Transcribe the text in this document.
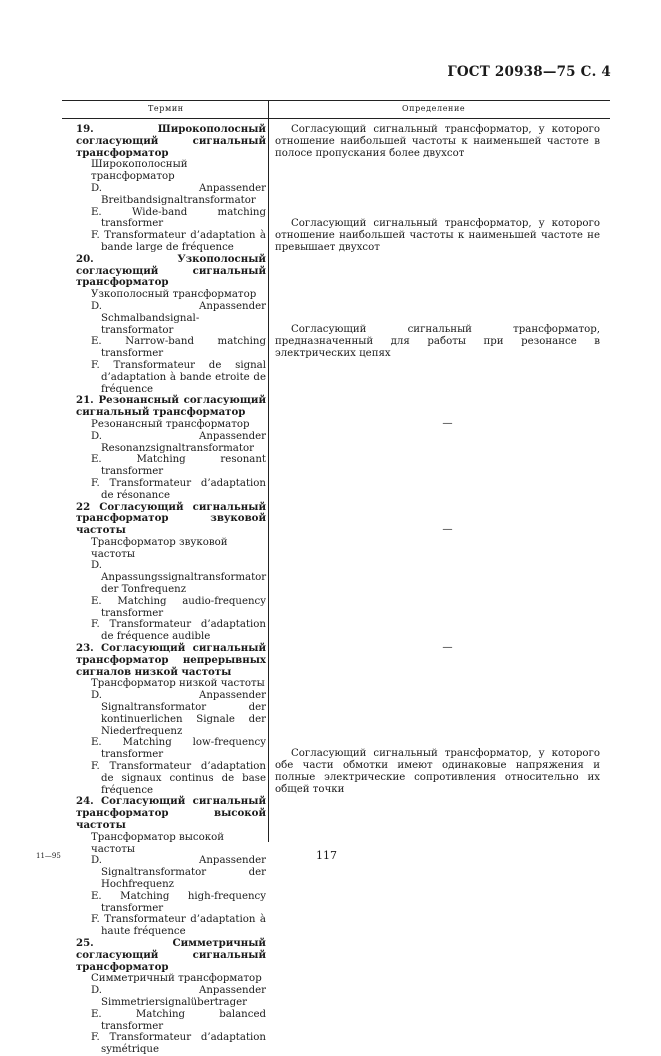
ГОСТ 20938—75 С. 4
Термин	Определение
19. Широкополосный согласующий сигнальный трансформатор
Широкополосный трансформатор
D. Anpassender Breitbandsignaltransformator
E. Wide-band matching transformer
F. Transformateur d’adaptation à bande large de fréquence
20. Узкополосный согласующий сигнальный трансформатор
Узкополосный трансформатор
D. Anpassender Schmalbandsignal-transformator
E. Narrow-band matching transformer
F. Transformateur de signal d’adaptation à bande etroite de fréquence
21. Резонансный согласующий сигнальный трансформатор
Резонансный трансформатор
D. Anpassender Resonanzsignaltransformator
E. Matching resonant transformer
F. Transformateur d’adaptation de résonance
22 Согласующий сигнальный трансформатор звуковой частоты
Трансформатор звуковой частоты
D. Anpassungssignaltransformator der Tonfrequenz
E. Matching audio-frequency transformer
F. Transformateur d’adaptation de fréquence audible
23. Согласующий сигнальный трансформатор непрерывных сигналов низкой частоты
Трансформатор низкой частоты
D. Anpassender Signaltransformator der kontinuerlichen Signale der Niederfrequenz
E. Matching low-frequency transformer
F. Transformateur d’adaptation de signaux continus de base fréquence
24. Согласующий сигнальный трансформатор высокой частоты
Трансформатор высокой частоты
D. Anpassender Signaltransformator der Hochfrequenz
E. Matching high-frequency transformer
F. Transformateur d’adaptation à haute fréquence
25. Симметричный согласующий сигнальный трансформатор
Симметричный трансформатор
D. Anpassender Simmetriersignalübertrager
E. Matching balanced transformer
F. Transformateur d’adaptation symétrique
Согласующий сигнальный трансформатор, у которого отношение наибольшей частоты к наименьшей частоте в полосе пропускания более двухсот
Согласующий сигнальный трансформатор, у которого отношение наибольшей частоты к наименьшей частоте не превышает двухсот
Согласующий сигнальный трансформатор, предназначенный для работы при резонансе в электрических цепях
—
—
—
Согласующий сигнальный трансформатор, у которого обе части обмотки имеют одинаковые напряжения и полные электрические сопротивления относительно их общей точки
11—95	117
